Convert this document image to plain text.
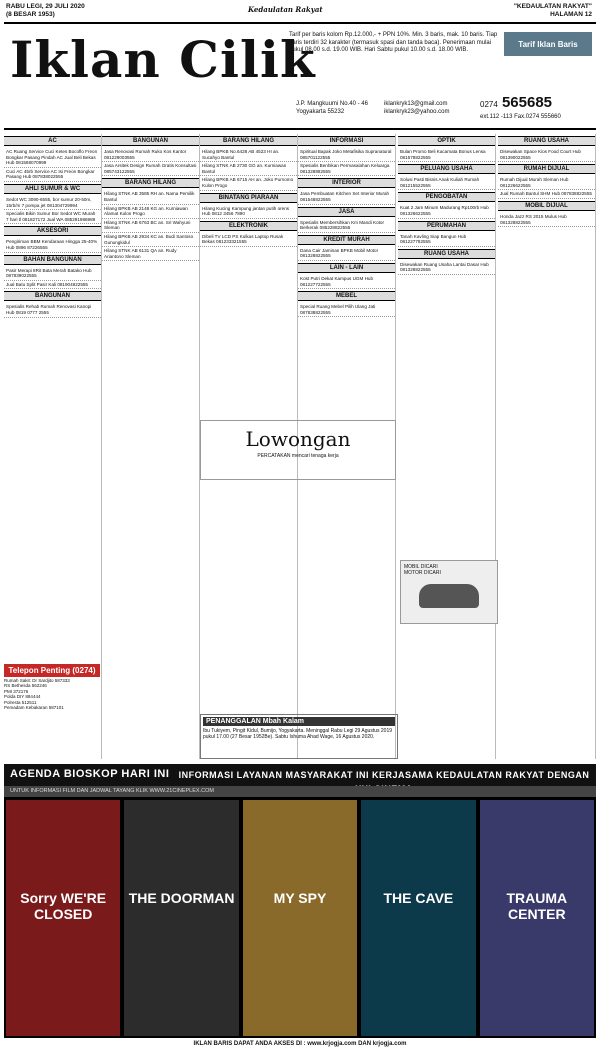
RABU LEGI, 29 JULI 2020
(8 BESAR 1953)
Kedaulatan Rakyat	"KEDAULATAN RAKYAT"
HALAMAN 12
Iklan Cilik
Tarif per baris kolom Rp.12.000,- + PPN 10%. Min. 3 baris, mak. 10 baris. Tiap baris terdiri 32 karakter (termasuk spasi dan tanda baca). Penerimaan mulai pukul 08.00 s.d. 19.00 WIB. Hari Sabtu pukul 10.00 s.d. 18.00 WIB.
Tarif Iklan Baris
J.P. Mangkuumi No.40 - 46
Yogyakarta 55232
iklankryk13@gmail.com
iklankryk23@yahoo.com
0274 565685
ext.112 -113 Fax.0274 555660
AC
AC Ruang Service Cuci Ketes Bocoflo Freon Bongkar Pasang Pindah AC Jual Beli Bekas Hub 081568070999
Cuci AC 45rb Service AC Isi Freon Bongkar Pasang Hub 087838022555
AHLI SUMUR & WC
Sedot WC 3090-6555, bor sumur 20-50m, 15rb/m 7 pompa jet 081304729994
Specialis Bikin Sumur Bor Sedot WC Murah 7 hari tl 081827172 Jual WA 085291986989
AKSESORI
Pengiriman BBM Kendaraan Hingga 25-40% Hub 0896 87226555
BAHAN BANGUNAN
Pasir Merapi 8Rit Bata Merah Batako Hub 087839022555
Jual Batu Split Pasir Kali 081904822555
BANGUNAN
Spesialis Rehab Rumah Renovasi Kanopi Hub 0819 0777 2555
BANGUNAN
Jasa Renovasi Rumah Ruko Kos Kantor 081229003555
Jasa Arsitek Design Rumah Gratis Konsultasi 085743122555
BARANG HILANG
Hilang STNK AB 3585 RH an. Nama Pemilik Bantul
Hilang BPKB AB 2148 KG an. Kurniawan Alamat Kulon Progo
Hilang STNK AB 6763 BC an. Sri Wahyuni Sleman
Hilang BPKB AB 2934 KC an. Budi Santoso Gunungkidul
Hilang STNK AB 6131 QA an. Rudy Ariantono Sleman
BARANG HILANG
Hilang BPKB No.6428 AB 4523 HI an. Sucahyo Bantul
Hilang STNK AB 2730 GG an. Kurniawan Bantul
Hilang BPKB AB 6715 AH an. Joko Purnomo Kulon Progo
BINATANG PIARAAN
Hilang Kucing Kampung jantan putih orens Hub 0812 3456 7890
ELEKTRONIK
Dibeli TV LCD PS Kulkas Laptop Rusak Bekas 081233321555
INFORMASI
Spiritual Bapak Joko Metafisika Supranatural 085701122555
Spesialis Benhikan Permasalahan Keluarga 081328882555
INTERIOR
Jasa Pembuatan Kitchen Set Interior Murah 081548822555
JASA
Spesialis Membersihkan Km Mandi Kotor Berkerak 085228822555
KREDIT MURAH
Dana Cair Jaminan BPKB Mobil Motor 081328822555
LAIN - LAIN
Kost Putri Dekat Kampus UGM Hub 081227722555
MEBEL
Special Ruang Mebel Pilih Ulang Jati 087838822555
OPTIK
Bulan Promo Beli Kacamata Bonus Lensa 081578822555
PELUANG USAHA
Solusi Pasti Bisnis Anak Kuliah Rumah 081215522555
PENGOBATAN
Kuat 2 Jam Minum Madurang Rp100rb Hub 081326622555
PERUMAHAN
Tanah Kavling Siap Bangun Hub 081227782555
RUANG USAHA
Disewakan Ruang Usaha Lantai Dasar Hub 081328822555
RUANG USAHA
Disewakan Space Kios Food Court Hub 081390022555
RUMAH DIJUAL
Rumah Dijual Murah Sleman Hub 081226622555
Jual Rumah Bantul SHM Hub 087838822555
MOBIL DIJUAL
Honda Jazz RS 2015 Mulus Hub 081328822555
Telepon Penting (0274)
Rumah Sakit: Dr Sardjito 587333
RS Bethesda 562246
PMI 372176
Polda DIY 884444
Polresta 512511
Pemadam Kebakaran 587101
Lowongan
PERCATAKAN mencari tenaga kerja
PENANGGALAN Mbah Kalam
Ibu Tukiyem, Pingit Kidul, Bumijo, Yogyakarta. Meninggal Rabu Legi 29 Agustus 2019 pukul 17.00 (27 Besar 1952Be). Sabtu Ishuma Ahad Wage, 16 Agustus 2020.
MOBIL DICARI
MOTOR DICARI
AGENDA BIOSKOP HARI INI	INFORMASI LAYANAN MASYARAKAT INI KERJASAMA KEDAULATAN RAKYAT DENGAN
UNTUK INFORMASI FILM DAN JADWAL TAYANG KLIK WWW.21CINEPLEX.COM
Sorry WE'RE CLOSED
THE DOORMAN	MY SPY	THE CAVE	TRAUMA CENTER
IKLAN BARIS DAPAT ANDA AKSES DI : www.krjogja.com DAN krjogja.com
